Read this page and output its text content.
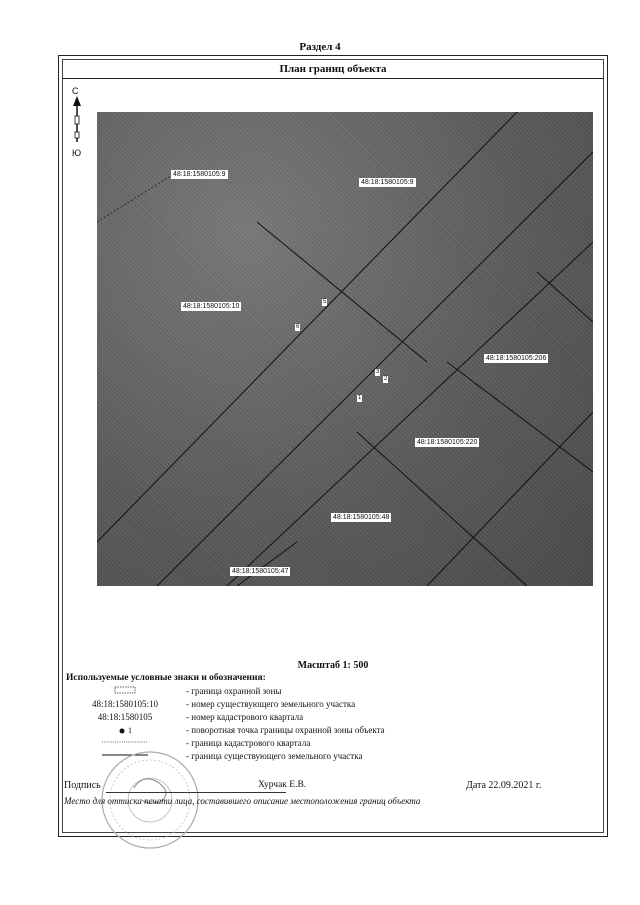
Раздел 4
План границ объекта
С
Ю
48:18:1580105:9
48:18:1580105:9
48:18:1580105:10
48:18:1580105:206
48:18:1580105:220
48:18:1580105:48
48:18:1580105:47
5
6
3
2
1
Масштаб 1: 500
Используемые условные знаки и обозначения:
- граница охранной зоны
48:18:1580105:10	- номер существующего земельного участка
48:18:1580105	- номер кадастрового квартала
1	- поворотная точка границы охранной зоны объекта
- граница кадастрового квартала
- граница существующего земельного участка
Подпись	Хурчак Е.В.	Дата 22.09.2021 г.
Место для оттиска печати лица, составившего описание местоположения границ объекта
